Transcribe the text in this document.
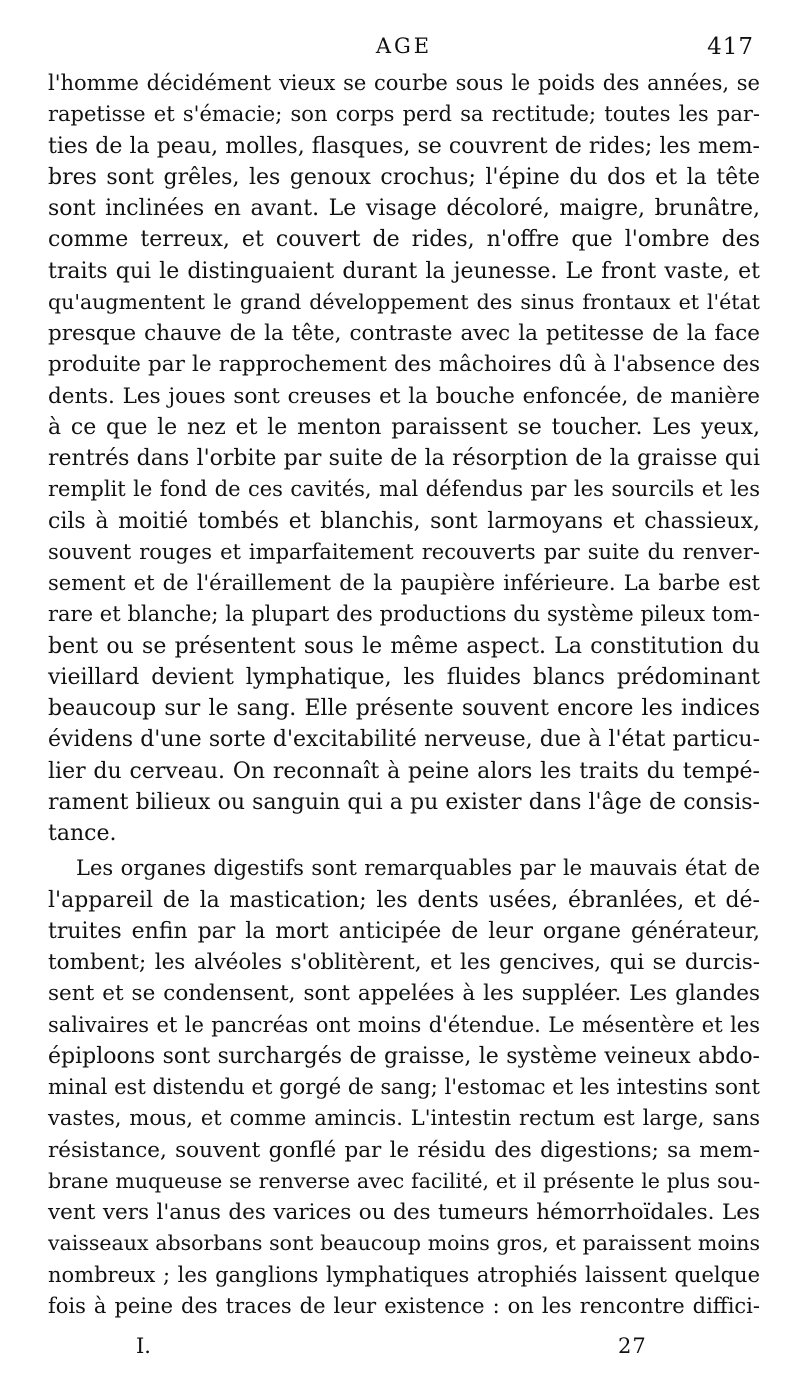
AGE	417
l'homme décidément vieux se courbe sous le poids des années, se
rapetisse et s'émacie; son corps perd sa rectitude; toutes les par-
ties de la peau, molles, flasques, se couvrent de rides; les mem-
bres sont grêles, les genoux crochus; l'épine du dos et la tête
sont inclinées en avant. Le visage décoloré, maigre, brunâtre,
comme terreux, et couvert de rides, n'offre que l'ombre des
traits qui le distinguaient durant la jeunesse. Le front vaste, et
qu'augmentent le grand développement des sinus frontaux et l'état
presque chauve de la tête, contraste avec la petitesse de la face
produite par le rapprochement des mâchoires dû à l'absence des
dents. Les joues sont creuses et la bouche enfoncée, de manière
à ce que le nez et le menton paraissent se toucher. Les yeux,
rentrés dans l'orbite par suite de la résorption de la graisse qui
remplit le fond de ces cavités, mal défendus par les sourcils et les
cils à moitié tombés et blanchis, sont larmoyans et chassieux,
souvent rouges et imparfaitement recouverts par suite du renver-
sement et de l'éraillement de la paupière inférieure. La barbe est
rare et blanche; la plupart des productions du système pileux tom-
bent ou se présentent sous le même aspect. La constitution du
vieillard devient lymphatique, les fluides blancs prédominant
beaucoup sur le sang. Elle présente souvent encore les indices
évidens d'une sorte d'excitabilité nerveuse, due à l'état particu-
lier du cerveau. On reconnaît à peine alors les traits du tempé-
rament bilieux ou sanguin qui a pu exister dans l'âge de consis-
tance.
Les organes digestifs sont remarquables par le mauvais état de
l'appareil de la mastication; les dents usées, ébranlées, et dé-
truites enfin par la mort anticipée de leur organe générateur,
tombent; les alvéoles s'oblitèrent, et les gencives, qui se durcis-
sent et se condensent, sont appelées à les suppléer. Les glandes
salivaires et le pancréas ont moins d'étendue. Le mésentère et les
épiploons sont surchargés de graisse, le système veineux abdo-
minal est distendu et gorgé de sang; l'estomac et les intestins sont
vastes, mous, et comme amincis. L'intestin rectum est large, sans
résistance, souvent gonflé par le résidu des digestions; sa mem-
brane muqueuse se renverse avec facilité, et il présente le plus sou-
vent vers l'anus des varices ou des tumeurs hémorrhoïdales. Les
vaisseaux absorbans sont beaucoup moins gros, et paraissent moins
nombreux ; les ganglions lymphatiques atrophiés laissent quelque
fois à peine des traces de leur existence : on les rencontre diffici-
I.	27
